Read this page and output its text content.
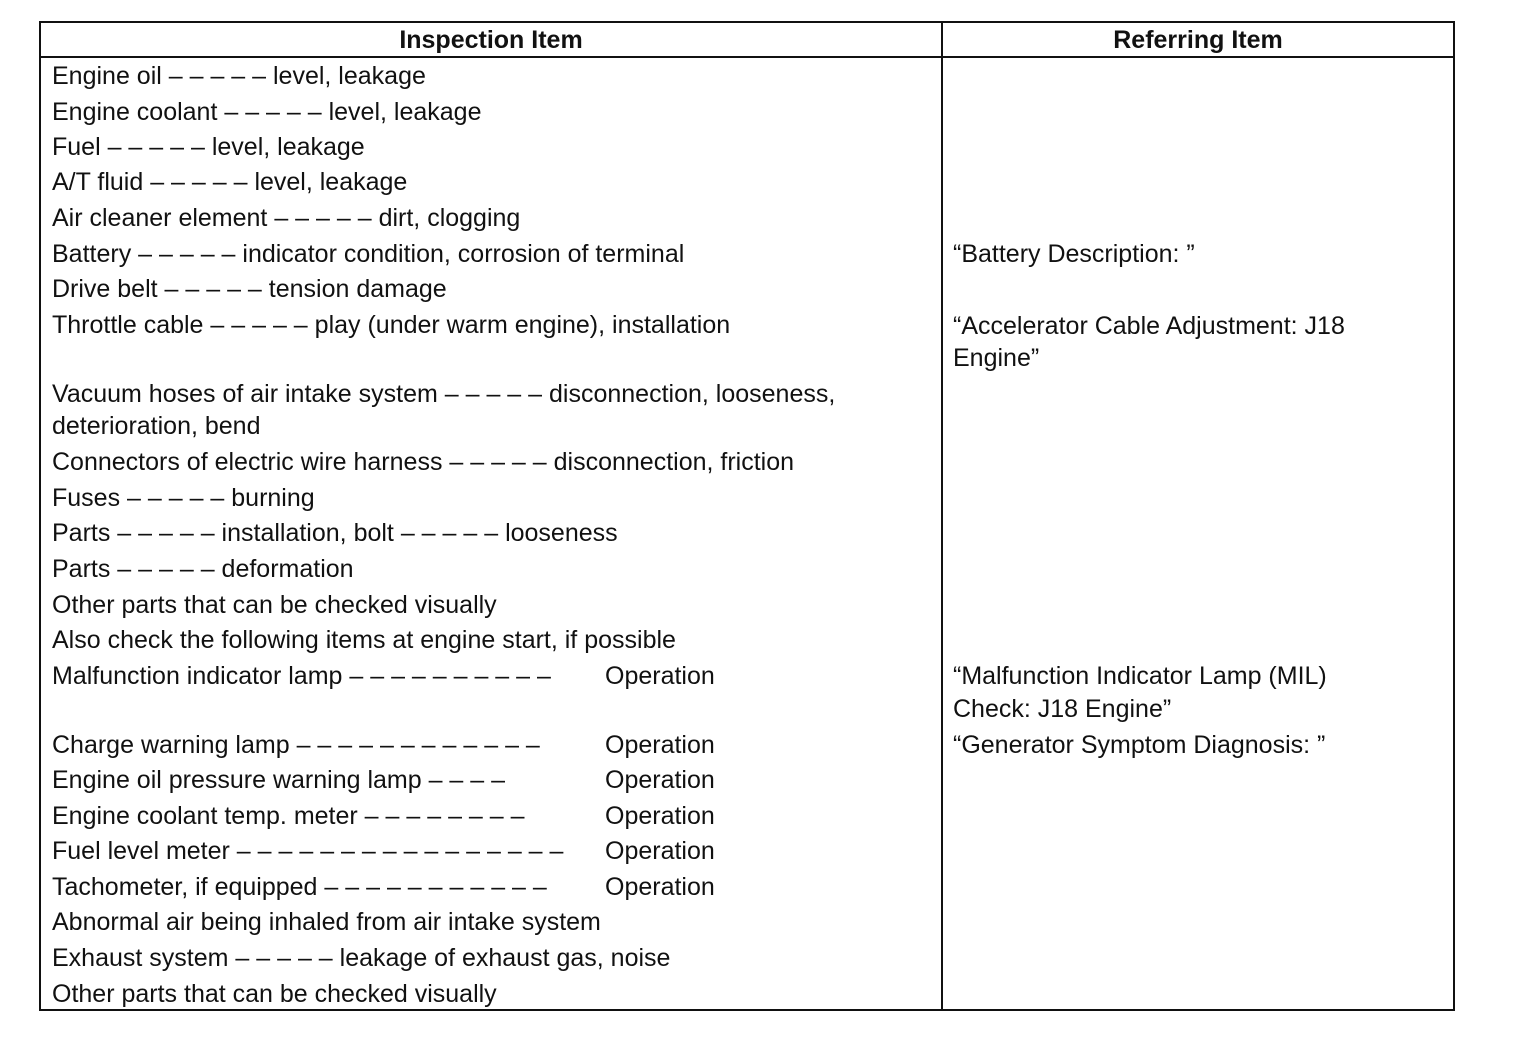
Inspection Item	Referring Item
Engine oil – – – – – level, leakage
Engine coolant – – – – – level, leakage
Fuel – – – – – level, leakage
A/T fluid – – – – – level, leakage
Air cleaner element – – – – – dirt, clogging
Battery – – – – – indicator condition, corrosion of terminal
Drive belt – – – – – tension damage
Throttle cable – – – – – play (under warm engine), installation
Vacuum hoses of air intake system – – – – – disconnection, looseness,
deterioration, bend
Connectors of electric wire harness – – – – – disconnection, friction
Fuses – – – – – burning
Parts – – – – – installation, bolt – – – – – looseness
Parts – – – – – deformation
Other parts that can be checked visually
Also check the following items at engine start, if possible
Malfunction indicator lamp – – – – – – – – – –
Charge warning lamp – – – – – – – – – – – –
Engine oil pressure warning lamp – – – –
Engine coolant temp. meter – – – – – – – –
Fuel level meter – – – – – – – – – – – – – – – –
Tachometer, if equipped – – – – – – – – – – –
Abnormal air being inhaled from air intake system
Exhaust system – – – – – leakage of exhaust gas, noise
Other parts that can be checked visually
Operation
Operation
Operation
Operation
Operation
Operation
“Battery Description: ”
“Accelerator Cable Adjustment: J18
Engine”
“Malfunction Indicator Lamp (MIL)
Check: J18 Engine”
“Generator Symptom Diagnosis: ”
